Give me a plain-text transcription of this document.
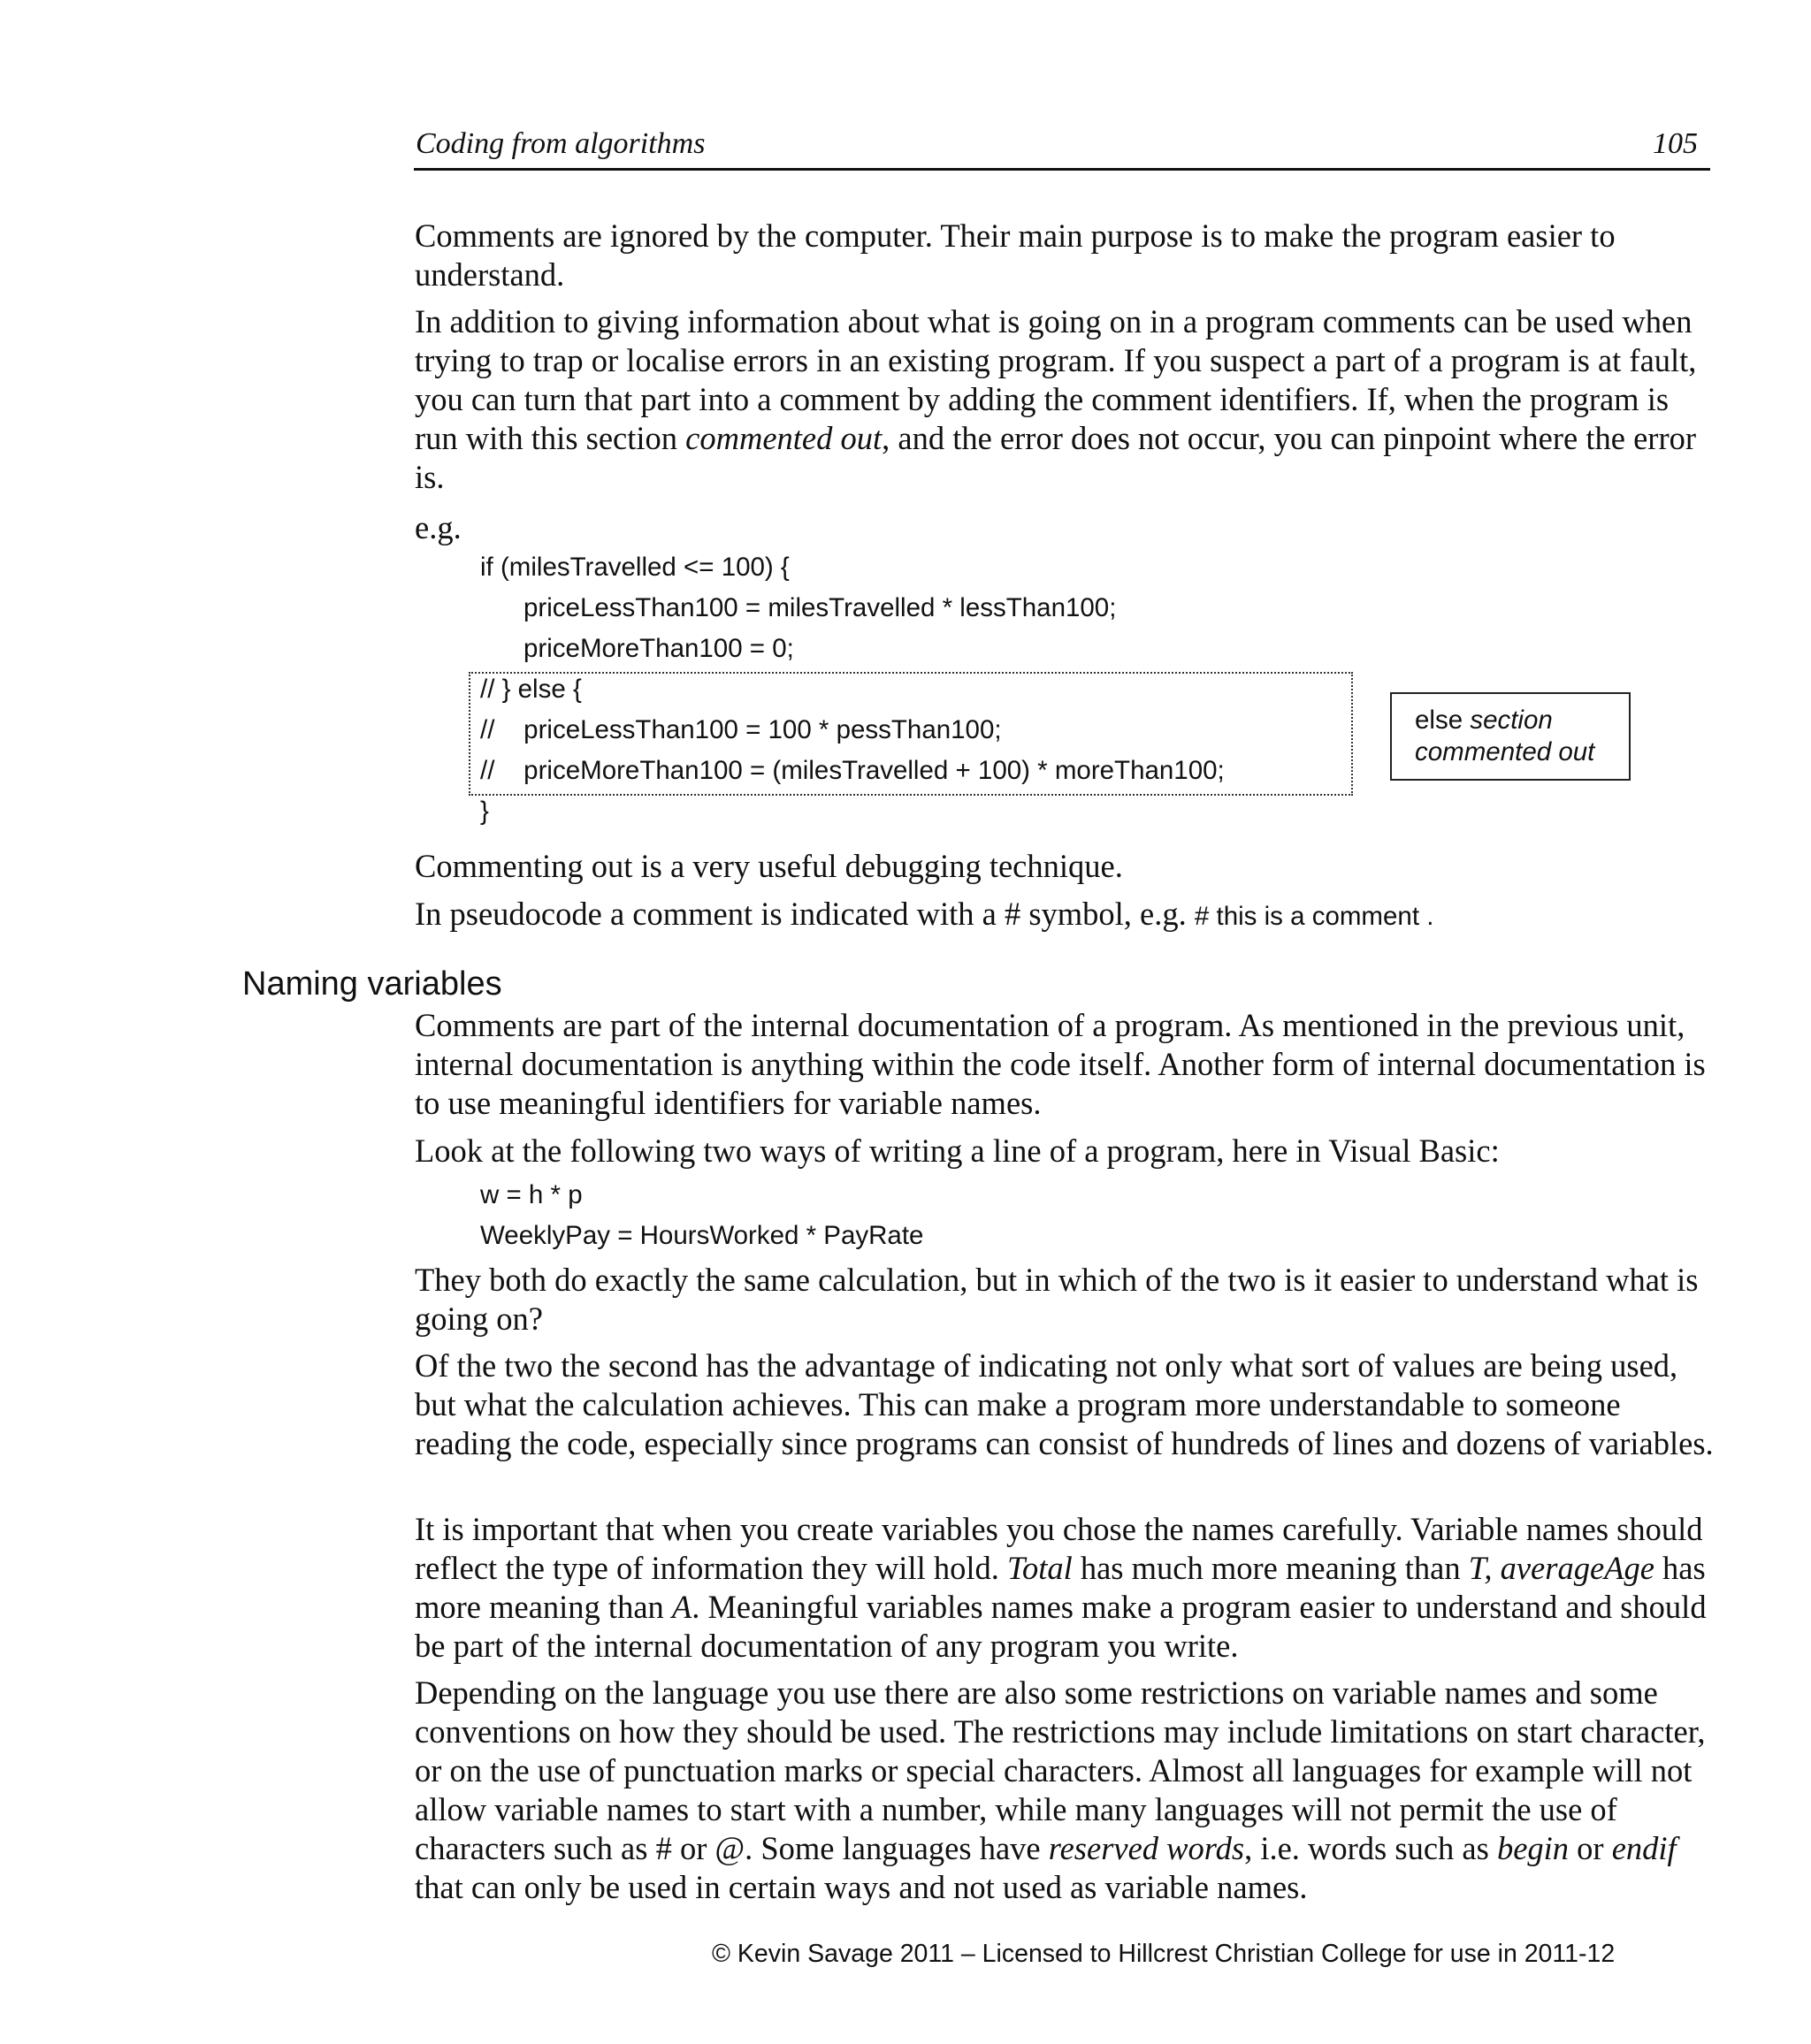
Coding from algorithms	105

Comments are ignored by the computer. Their main purpose is to make the program easier to understand.

In addition to giving information about what is going on in a program comments can be used when trying to trap or localise errors in an existing program. If you suspect a part of a program is at fault, you can turn that part into a comment by adding the comment identifiers. If, when the program is run with this section commented out, and the error does not occur, you can pinpoint where the error is.

e.g.

if (milesTravelled <= 100) {

priceLessThan100 = milesTravelled * lessThan100;

priceMoreThan100 = 0;

// } else {

//    priceLessThan100 = 100 * pessThan100;

//    priceMoreThan100 = (milesTravelled + 100) * moreThan100;

}

else section
commented out

Commenting out is a very useful debugging technique.

In pseudocode a comment is indicated with a # symbol, e.g. # this is a comment .

Naming variables

Comments are part of the internal documentation of a program. As mentioned in the previous unit, internal documentation is anything within the code itself. Another form of internal documentation is to use meaningful identifiers for variable names.

Look at the following two ways of writing a line of a program, here in Visual Basic:

w = h * p

WeeklyPay = HoursWorked * PayRate

They both do exactly the same calculation, but in which of the two is it easier to understand what is going on?

Of the two the second has the advantage of indicating not only what sort of values are being used, but what the calculation achieves. This can make a program more understandable to someone reading the code, especially since programs can consist of hundreds of lines and dozens of variables.

It is important that when you create variables you chose the names carefully. Variable names should reflect the type of information they will hold. Total has much more meaning than T, averageAge has more meaning than A. Meaningful variables names make a program easier to understand and should be part of the internal documentation of any program you write.

Depending on the language you use there are also some restrictions on variable names and some conventions on how they should be used. The restrictions may include limitations on start character, or on the use of punctuation marks or special characters. Almost all languages for example will not allow variable names to start with a number, while many languages will not permit the use of characters such as # or @. Some languages have reserved words, i.e. words such as begin or endif that can only be used in certain ways and not used as variable names.

© Kevin Savage 2011 – Licensed to Hillcrest Christian College for use in 2011-12
